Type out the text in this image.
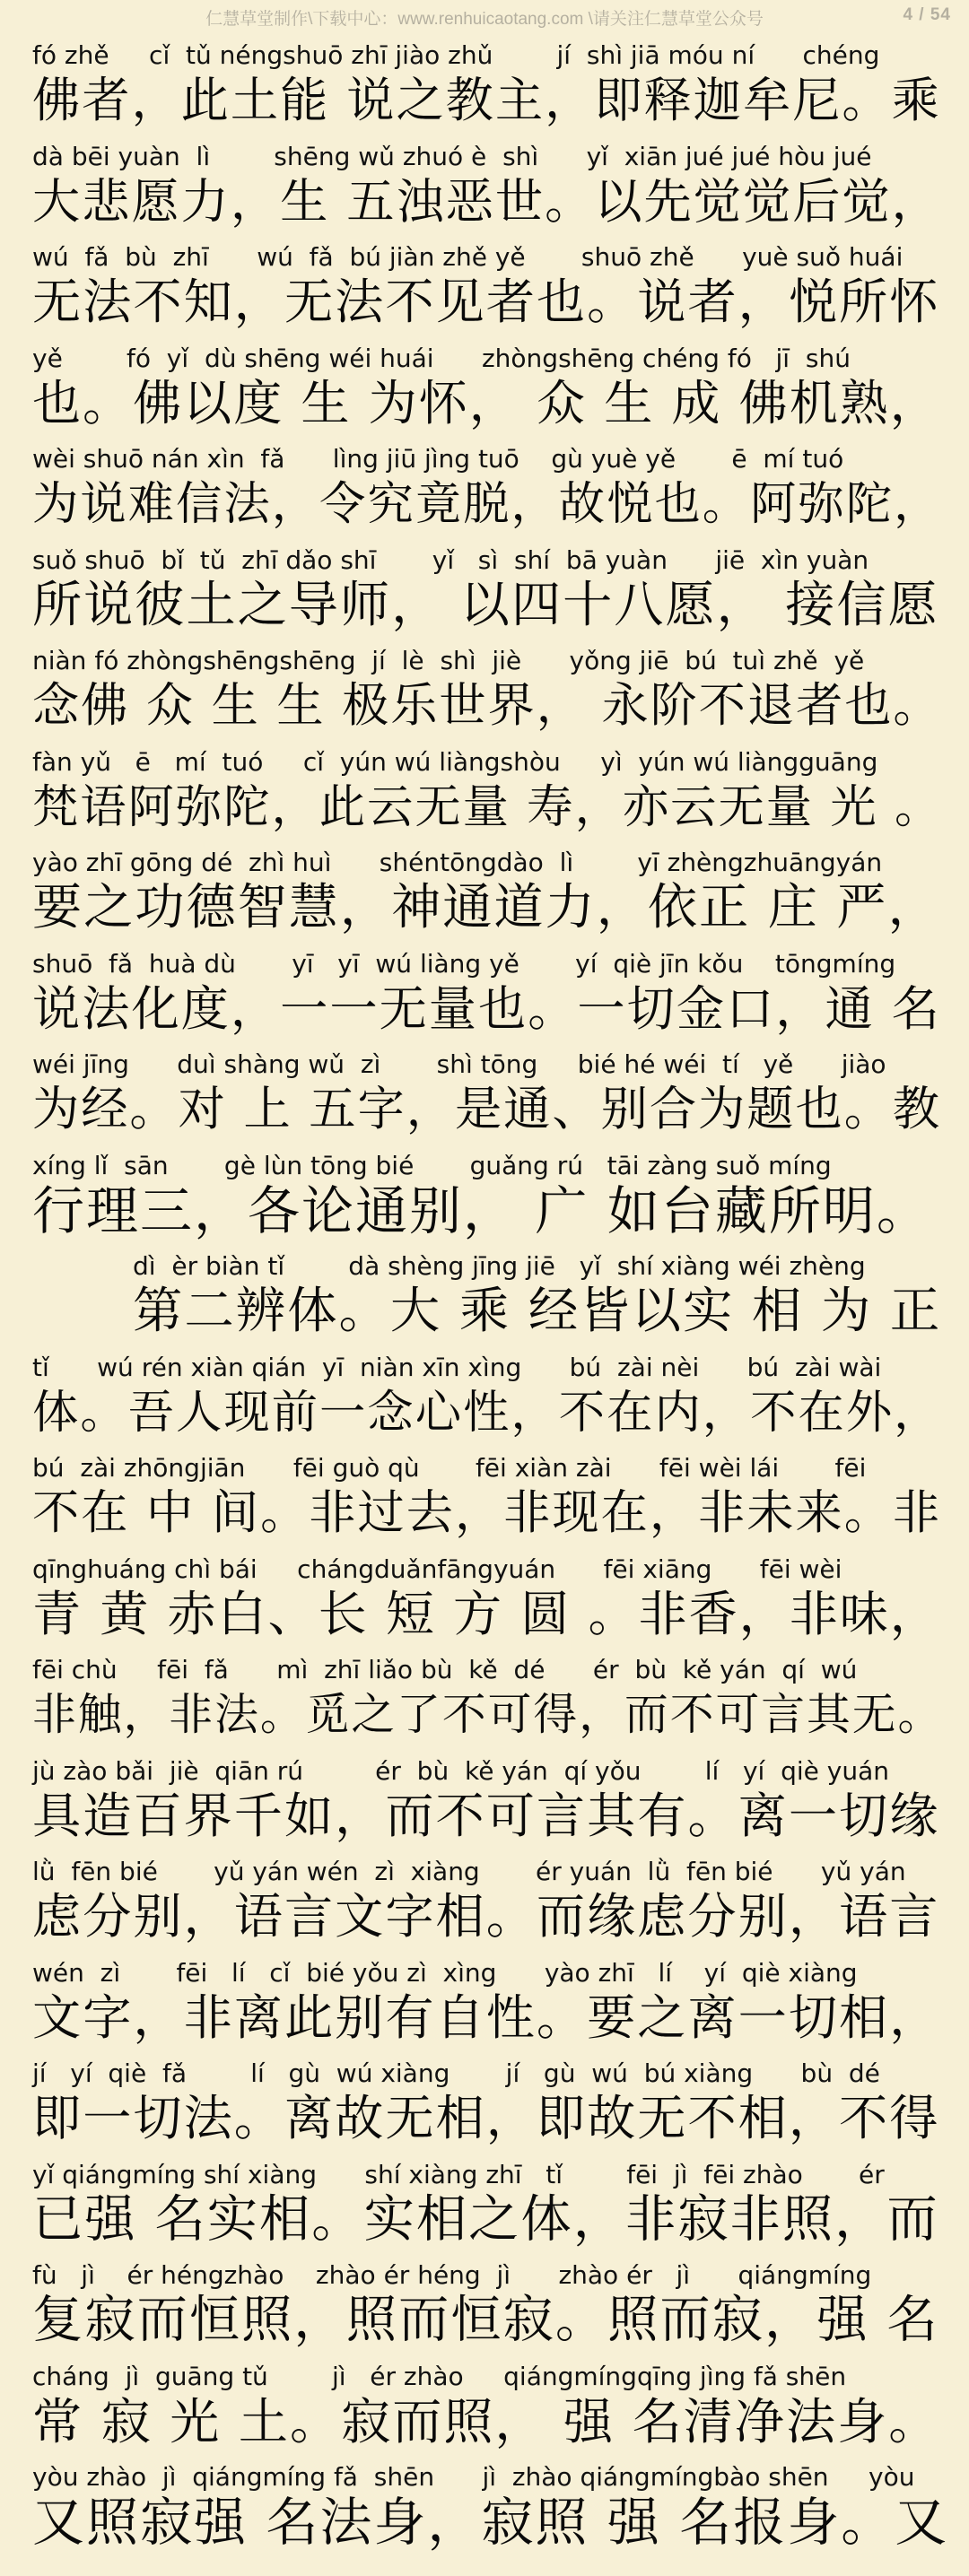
仁慧草堂制作\下载中心：www.renhuicaotang.com \请关注仁慧草堂公众号	4 / 54
fó zhě     cǐ  tǔ néngshuō zhī jiào zhǔ        jí  shì jiā móu ní      chéng
佛者，此土能 说之教主，即释迦牟尼。乘
dà bēi yuàn  lì        shēng wǔ zhuó è  shì      yǐ  xiān jué jué hòu jué
大悲愿力，生 五浊恶世。以先觉觉后觉，
wú  fǎ  bù  zhī      wú  fǎ  bú jiàn zhě yě       shuō zhě      yuè suǒ huái
无法不知，无法不见者也。说者，悦所怀
yě        fó  yǐ  dù shēng wéi huái      zhòngshēng chéng fó   jī  shú
也。佛以度 生 为怀， 众 生 成 佛机熟，
wèi shuō nán xìn  fǎ      lìng jiū jìng tuō    gù yuè yě       ē  mí tuó
为说难信法，令究竟脱，故悦也。阿弥陀，
suǒ shuō  bǐ  tǔ  zhī dǎo shī       yǐ   sì  shí  bā yuàn      jiē  xìn yuàn
所说彼土之导师， 以四十八愿， 接信愿
niàn fó zhòngshēngshēng  jí  lè  shì  jiè      yǒng jiē  bú  tuì zhě  yě
念佛 众 生 生 极乐世界， 永阶不退者也。
fàn yǔ   ē   mí  tuó     cǐ  yún wú liàngshòu     yì  yún wú liàngguāng
梵语阿弥陀，此云无量 寿，亦云无量 光 。
yào zhī gōng dé  zhì huì      shéntōngdào  lì        yī zhèngzhuāngyán
要之功德智慧，神通道力，依正 庄 严，
shuō  fǎ  huà dù       yī   yī  wú liàng yě       yí  qiè jīn kǒu    tōngmíng
说法化度，一一无量也。一切金口，通 名
wéi jīng      duì shàng wǔ  zì       shì tōng     bié hé wéi  tí   yě      jiào
为经。对 上 五字，是通、别合为题也。教
xíng lǐ  sān       gè lùn tōng bié       guǎng rú   tāi zàng suǒ míng
行理三，各论通别， 广 如台藏所明。
dì  èr biàn tǐ        dà shèng jīng jiē   yǐ  shí xiàng wéi zhèng
第二辨体。大 乘 经皆以实 相 为 正
tǐ      wú rén xiàn qián  yī  niàn xīn xìng      bú  zài nèi      bú  zài wài
体。吾人现前一念心性，不在内，不在外，
bú  zài zhōngjiān      fēi guò qù       fēi xiàn zài      fēi wèi lái       fēi
不在 中 间。非过去，非现在，非未来。非
qīnghuáng chì bái     chángduǎnfāngyuán      fēi xiāng      fēi wèi
青 黄 赤白、长 短 方 圆 。非香，非味，
fēi chù     fēi  fǎ      mì  zhī liǎo bù  kě  dé      ér  bù  kě yán  qí  wú
非触，非法。觅之了不可得，而不可言其无。
jù zào bǎi  jiè  qiān rú         ér  bù  kě yán  qí yǒu        lí   yí  qiè yuán
具造百界千如，而不可言其有。离一切缘
lǜ  fēn bié       yǔ yán wén  zì  xiàng       ér yuán  lǜ  fēn bié      yǔ yán
虑分别，语言文字相。而缘虑分别，语言
wén  zì       fēi   lí   cǐ  bié yǒu zì  xìng      yào zhī   lí    yí  qiè xiàng
文字，非离此别有自性。要之离一切相，
jí   yí  qiè  fǎ        lí   gù  wú xiàng       jí   gù  wú  bú xiàng      bù  dé
即一切法。离故无相，即故无不相，不得
yǐ qiángmíng shí xiàng      shí xiàng zhī   tǐ        fēi  jì  fēi zhào       ér
已强 名实相。实相之体，非寂非照，而
fù   jì    ér héngzhào    zhào ér héng  jì      zhào ér   jì      qiángmíng
复寂而恒照，照而恒寂。照而寂，强 名
cháng  jì  guāng tǔ        jì   ér zhào     qiángmíngqīng jìng fǎ shēn
常 寂 光 土。寂而照， 强 名清净法身。
yòu zhào  jì  qiángmíng fǎ  shēn      jì  zhào qiángmíngbào shēn     yòu
又照寂强 名法身，寂照 强 名报身。又
